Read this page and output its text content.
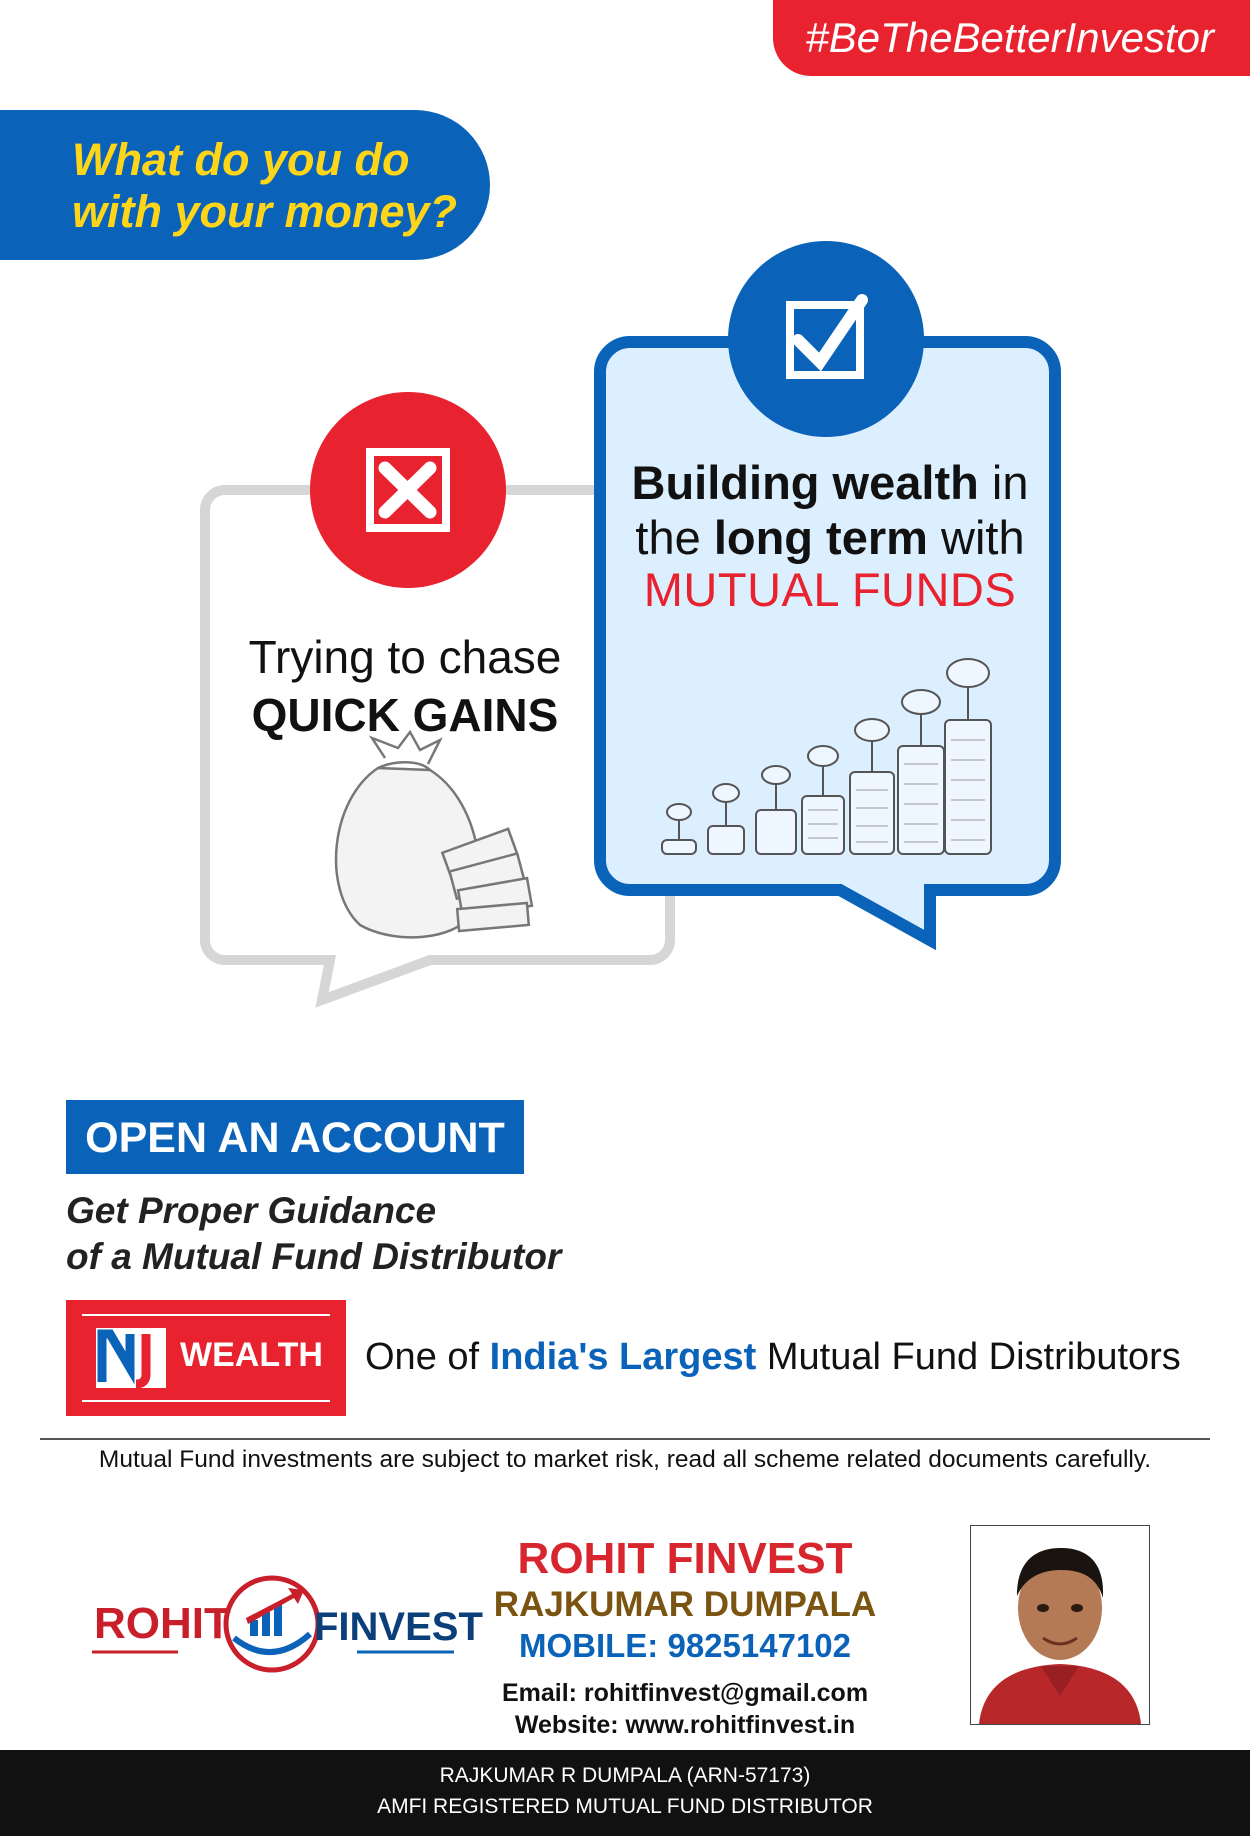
#BeTheBetterInvestor
What do you do
with your money?
Trying to chase
QUICK GAINS
Building wealth in
the long term with
MUTUAL FUNDS
OPEN AN ACCOUNT
Get Proper Guidance
of a Mutual Fund Distributor
WEALTH One of India's Largest Mutual Fund Distributors
Mutual Fund investments are subject to market risk, read all scheme related documents carefully.
ROHIT FINVEST
ROHIT FINVEST
RAJKUMAR DUMPALA
MOBILE: 9825147102
Email: rohitfinvest@gmail.com
Website: www.rohitfinvest.in
RAJKUMAR R DUMPALA (ARN-57173)
AMFI REGISTERED MUTUAL FUND DISTRIBUTOR
